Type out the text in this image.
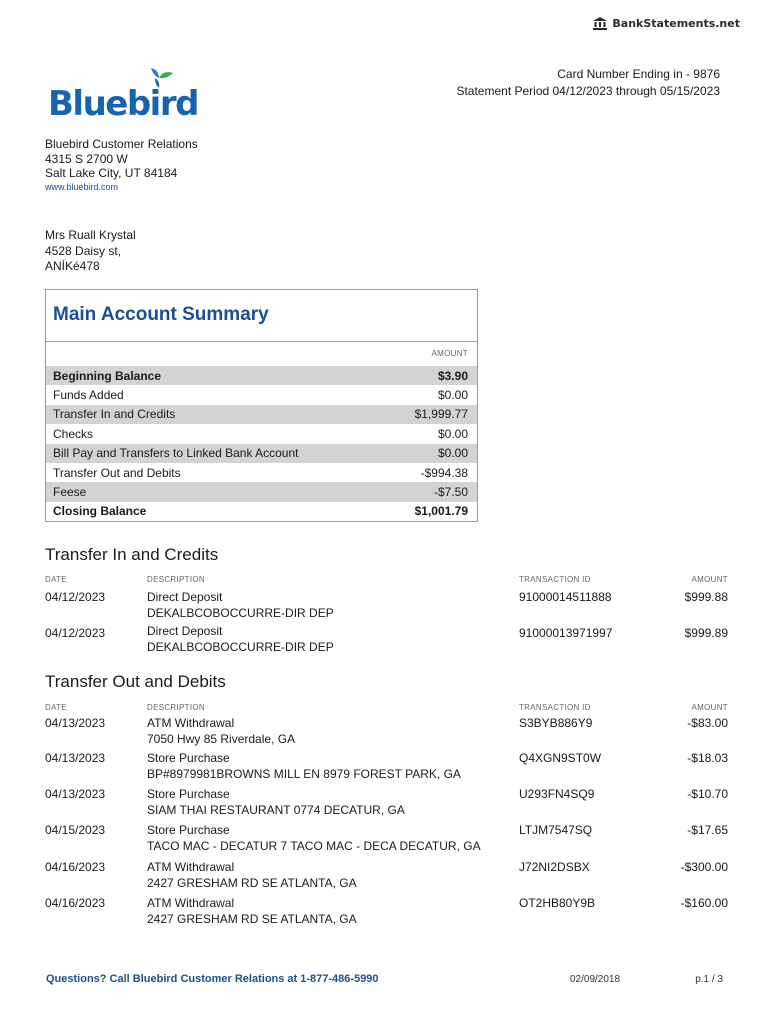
BankStatements.net
Bluebird
Card Number Ending in - 9876
Statement Period 04/12/2023 through 05/15/2023
Bluebird Customer Relations
4315 S 2700 W
Salt Lake City, UT 84184
www.bluebird.com
Mrs Ruall Krystal
4528 Daisy st,
ANÍKé478
Main Account Summary
AMOUNT
Beginning Balance	$3.90
Funds Added	$0.00
Transfer In and Credits	$1,999.77
Checks	$0.00
Bill Pay and Transfers to Linked Bank Account	$0.00
Transfer Out and Debits	-$994.38
Feese	-$7.50
Closing Balance	$1,001.79
Transfer In and Credits
DATE	DESCRIPTION	TRANSACTION ID	AMOUNT
04/12/2023	Direct Deposit
DEKALBCOBOCCURRE-DIR DEP
91000014511888	$999.88
04/12/2023	Direct Deposit
DEKALBCOBOCCURRE-DIR DEP
91000013971997	$999.89
Transfer Out and Debits
DATE	DESCRIPTION	TRANSACTION ID	AMOUNT
04/13/2023	ATM Withdrawal
7050 Hwy 85 Riverdale, GA
S3BYB886Y9	-$83.00
04/13/2023	Store Purchase
BP#8979981BROWNS MILL EN 8979 FOREST PARK, GA
Q4XGN9ST0W	-$18.03
04/13/2023	Store Purchase
SIAM THAI RESTAURANT 0774 DECATUR, GA
U293FN4SQ9	-$10.70
04/15/2023	Store Purchase
TACO MAC - DECATUR 7 TACO MAC - DECA DECATUR, GA
LTJM7547SQ	-$17.65
04/16/2023	ATM Withdrawal
2427 GRESHAM RD SE ATLANTA, GA
J72NI2DSBX	-$300.00
04/16/2023	ATM Withdrawal
2427 GRESHAM RD SE ATLANTA, GA
OT2HB80Y9B	-$160.00
Questions? Call Bluebird Customer Relations at 1-877-486-5990	02/09/2018	p.1 / 3
